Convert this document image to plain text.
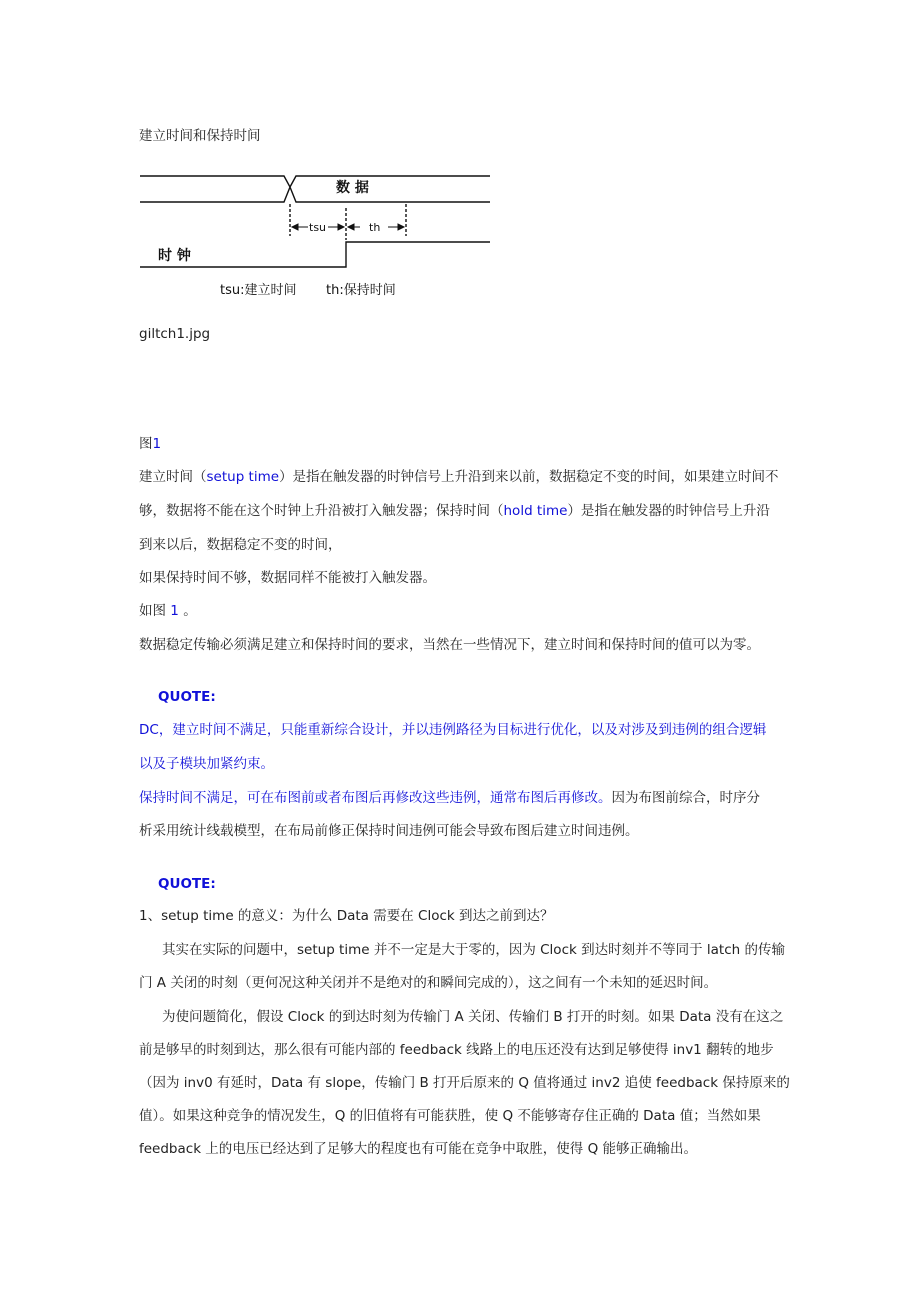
建立时间和保持时间
数 据
时 钟
tsu	th
tsu:建立时间 th:保持时间
giltch1.jpg
图1
建立时间（setup time）是指在触发器的时钟信号上升沿到来以前，数据稳定不变的时间，如果建立时间不
够，数据将不能在这个时钟上升沿被打入触发器；保持时间（hold time）是指在触发器的时钟信号上升沿
到来以后，数据稳定不变的时间，
如果保持时间不够，数据同样不能被打入触发器。
如图 1 。
数据稳定传输必须满足建立和保持时间的要求，当然在一些情况下，建立时间和保持时间的值可以为零。
QUOTE:
DC，建立时间不满足，只能重新综合设计，并以违例路径为目标进行优化，以及对涉及到违例的组合逻辑
以及子模块加紧约束。
保持时间不满足，可在布图前或者布图后再修改这些违例，通常布图后再修改。因为布图前综合，时序分
析采用统计线载模型，在布局前修正保持时间违例可能会导致布图后建立时间违例。
QUOTE:
1、setup time 的意义：为什么 Data 需要在 Clock 到达之前到达？
其实在实际的问题中，setup time 并不一定是大于零的，因为 Clock 到达时刻并不等同于 latch 的传输
门 A 关闭的时刻（更何况这种关闭并不是绝对的和瞬间完成的），这之间有一个未知的延迟时间。
为使问题简化，假设 Clock 的到达时刻为传输门 A 关闭、传输们 B 打开的时刻。如果 Data 没有在这之
前是够早的时刻到达，那么很有可能内部的 feedback 线路上的电压还没有达到足够使得 inv1 翻转的地步
（因为 inv0 有延时，Data 有 slope，传输门 B 打开后原来的 Q 值将通过 inv2 追使 feedback 保持原来的
值）。如果这种竞争的情况发生，Q 的旧值将有可能获胜，使 Q 不能够寄存住正确的 Data 值；当然如果
feedback 上的电压已经达到了足够大的程度也有可能在竞争中取胜，使得 Q 能够正确输出。
